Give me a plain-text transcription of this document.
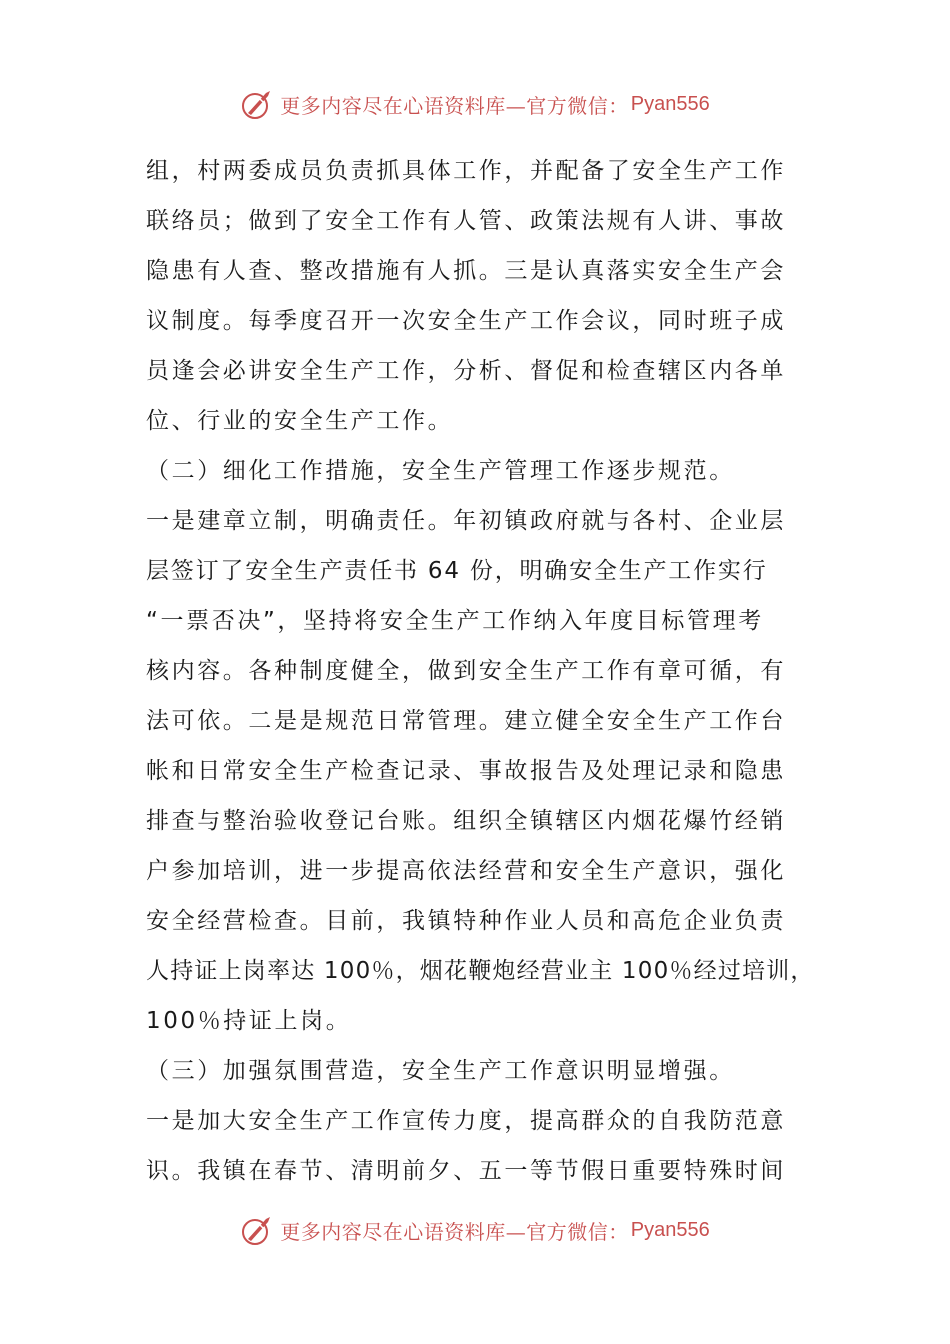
更多内容尽在心语资料库—官方微信： Pyan556
组，村两委成员负责抓具体工作，并配备了安全生产工作
联络员；做到了安全工作有人管、政策法规有人讲、事故
隐患有人查、整改措施有人抓。三是认真落实安全生产会
议制度。每季度召开一次安全生产工作会议，同时班子成
员逢会必讲安全生产工作，分析、督促和检查辖区内各单
位、行业的安全生产工作。
（二）细化工作措施，安全生产管理工作逐步规范。
一是建章立制，明确责任。年初镇政府就与各村、企业层
层签订了安全生产责任书 64 份，明确安全生产工作实行
“一票否决”，坚持将安全生产工作纳入年度目标管理考
核内容。各种制度健全，做到安全生产工作有章可循，有
法可依。二是是规范日常管理。建立健全安全生产工作台
帐和日常安全生产检查记录、事故报告及处理记录和隐患
排查与整治验收登记台账。组织全镇辖区内烟花爆竹经销
户参加培训，进一步提高依法经营和安全生产意识，强化
安全经营检查。目前，我镇特种作业人员和高危企业负责
人持证上岗率达 100％，烟花鞭炮经营业主 100％经过培训，
100％持证上岗。
（三）加强氛围营造，安全生产工作意识明显增强。
一是加大安全生产工作宣传力度，提高群众的自我防范意
识。我镇在春节、清明前夕、五一等节假日重要特殊时间
更多内容尽在心语资料库—官方微信： Pyan556
